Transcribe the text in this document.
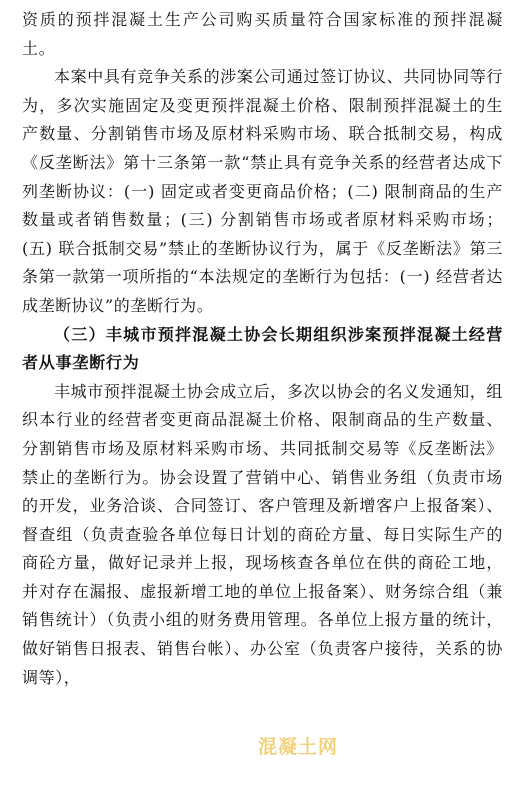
资质的预拌混凝土生产公司购买质量符合国家标准的预拌混凝土。

本案中具有竞争关系的涉案公司通过签订协议、共同协同等行为，多次实施固定及变更预拌混凝土价格、限制预拌混凝土的生产数量、分割销售市场及原材料采购市场、联合抵制交易，构成《反垄断法》第十三条第一款“禁止具有竞争关系的经营者达成下列垄断协议：(一) 固定或者变更商品价格；(二) 限制商品的生产数量或者销售数量；(三) 分割销售市场或者原材料采购市场；(五) 联合抵制交易”禁止的垄断协议行为，属于《反垄断法》第三条第一款第一项所指的“本法规定的垄断行为包括：(一) 经营者达成垄断协议”的垄断行为。

（三）丰城市预拌混凝土协会长期组织涉案预拌混凝土经营者从事垄断行为

丰城市预拌混凝土协会成立后，多次以协会的名义发通知，组织本行业的经营者变更商品混凝土价格、限制商品的生产数量、分割销售市场及原材料采购市场、共同抵制交易等《反垄断法》禁止的垄断行为。协会设置了营销中心、销售业务组（负责市场的开发，业务洽谈、合同签订、客户管理及新增客户上报备案）、督查组（负责查验各单位每日计划的商砼方量、每日实际生产的商砼方量，做好记录并上报，现场核查各单位在供的商砼工地，并对存在漏报、虚报新增工地的单位上报备案）、财务综合组（兼销售统计）（负责小组的财务费用管理。各单位上报方量的统计，做好销售日报表、销售台帐）、办公室（负责客户接待，关系的协调等），

混凝土网
